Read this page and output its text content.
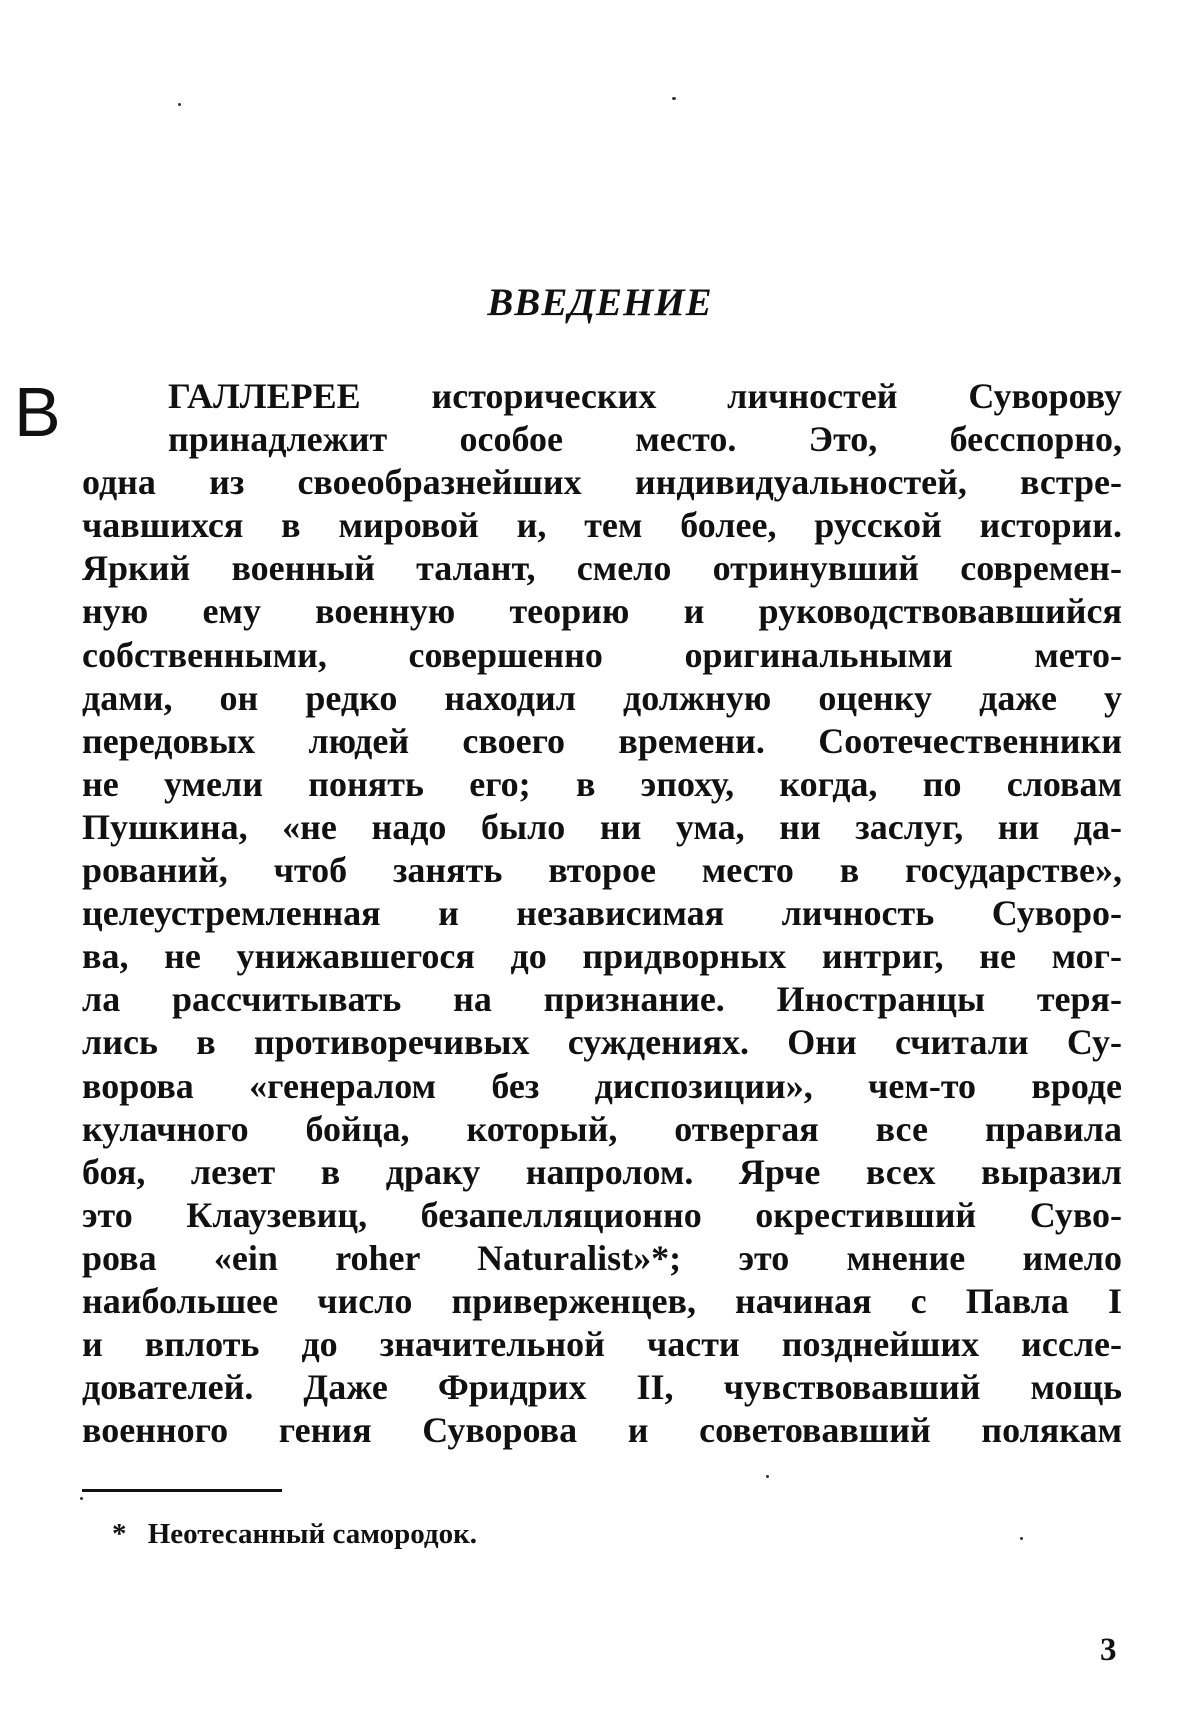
ВВЕДЕНИЕ
В	ГАЛЛЕРЕЕ исторических личностей Суворову
принадлежит особое место. Это, бесспорно,
одна из своеобразнейших индивидуальностей, встре-
чавшихся в мировой и, тем более, русской истории.
Яркий военный талант, смело отринувший современ-
ную ему военную теорию и руководствовавшийся
собственными, совершенно оригинальными мето-
дами, он редко находил должную оценку даже у
передовых людей своего времени. Соотечественники
не умели понять его; в эпоху, когда, по словам
Пушкина, «не надо было ни ума, ни заслуг, ни да-
рований, чтоб занять второе место в государстве»,
целеустремленная и независимая личность Суворо-
ва, не унижавшегося до придворных интриг, не мог-
ла рассчитывать на признание. Иностранцы теря-
лись в противоречивых суждениях. Они считали Су-
ворова «генералом без диспозиции», чем-то вроде
кулачного бойца, который, отвергая все правила
боя, лезет в драку напролом. Ярче всех выразил
это Клаузевиц, безапелляционно окрестивший Суво-
рова «ein roher Naturalist»*; это мнение имело
наибольшее число приверженцев, начиная с Павла I
и вплоть до значительной части позднейших иссле-
дователей. Даже Фридрих II, чувствовавший мощь
военного гения Суворова и советовавший полякам
* Неотесанный самородок.
3
